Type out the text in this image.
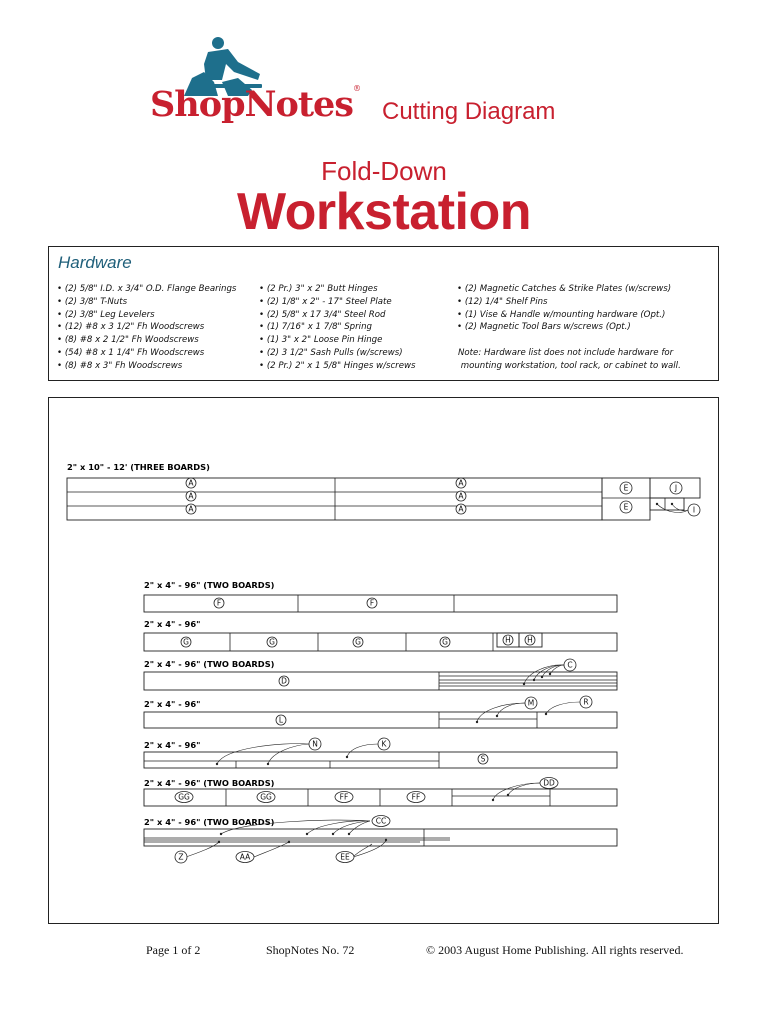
ShopNotes®
Cutting Diagram
Fold-Down
Workstation
Hardware
• (2) 5/8" I.D. x 3/4" O.D. Flange Bearings
• (2) 3/8" T-Nuts
• (2) 3/8" Leg Levelers
• (12) #8 x 3 1/2" Fh Woodscrews
• (8) #8 x 2 1/2" Fh Woodscrews
• (54) #8 x 1 1/4" Fh Woodscrews
• (8) #8 x 3" Fh Woodscrews
• (2 Pr.) 3" x 2" Butt Hinges
• (2) 1/8" x 2" - 17" Steel Plate
• (2) 5/8" x 17 3/4" Steel Rod
• (1) 7/16" x 1 7/8" Spring
• (1) 3" x 2" Loose Pin Hinge
• (2) 3 1/2" Sash Pulls (w/screws)
• (2 Pr.) 2" x 1 5/8" Hinges w/screws
• (2) Magnetic Catches & Strike Plates (w/screws)
• (12) 1/4" Shelf Pins
• (1) Vise & Handle w/mounting hardware (Opt.)
• (2) Magnetic Tool Bars w/screws (Opt.)
Note: Hardware list does not include hardware for
mounting workstation, tool rack, or cabinet to wall.
2" x 10" - 12' (THREE BOARDS)
A
A
A
A
A
A
E
E
J
I
2" x 4" - 96" (TWO BOARDS)
F	F
2" x 4" - 96"
G	G	G	G	H H
2" x 4" - 96" (TWO BOARDS)
D
C
2" x 4" - 96"
L
M	R
2" x 4" - 96"
S
N	K
2" x 4" - 96" (TWO BOARDS)
GG	GG	FF	FF
DD
2" x 4" - 96" (TWO BOARDS)	CC
Z	AA	EE
Page 1 of 2	ShopNotes No. 72	© 2003 August Home Publishing. All rights reserved.
